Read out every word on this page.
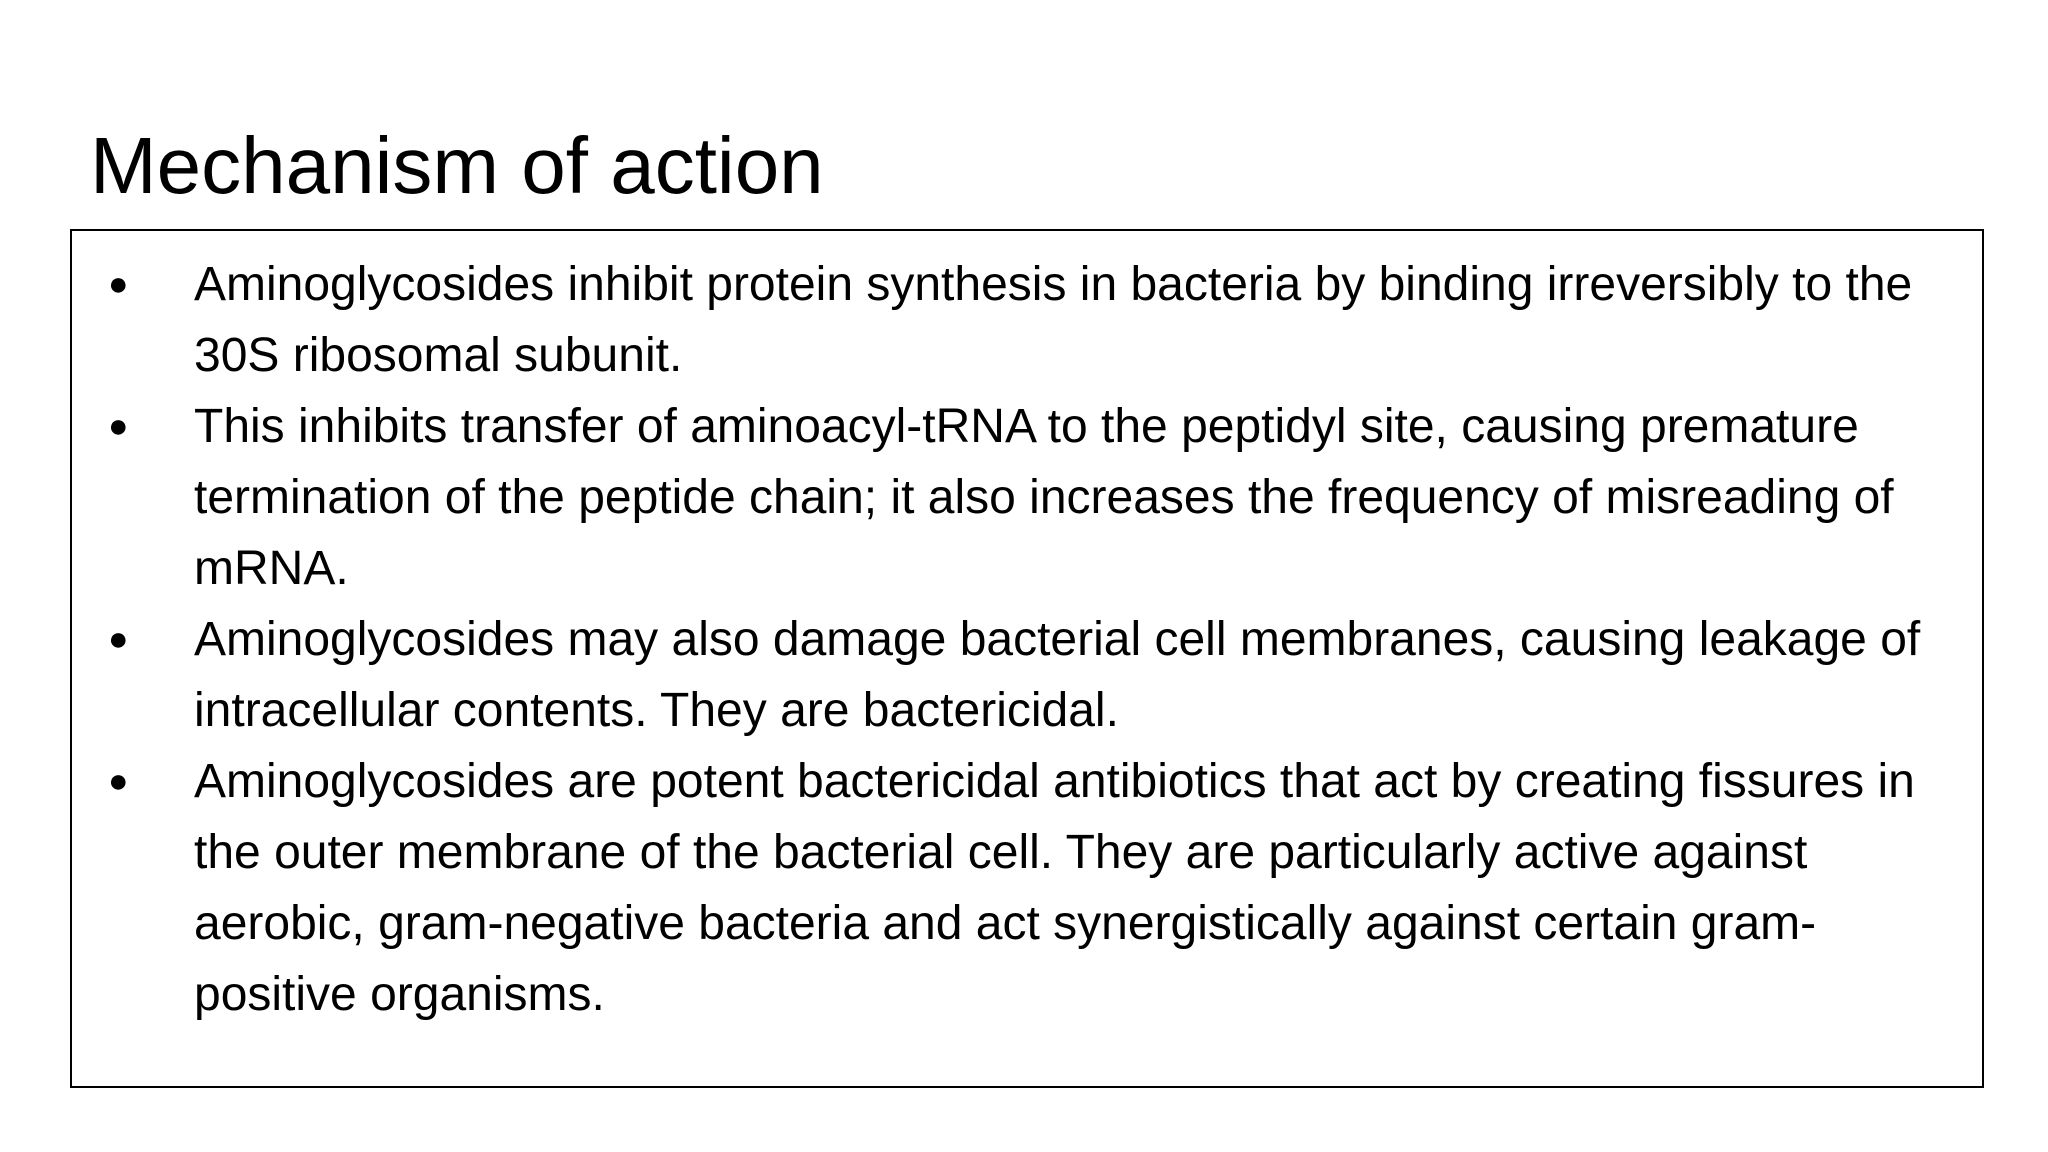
Mechanism of action
● Aminoglycosides inhibit protein synthesis in bacteria by binding irreversibly to the 30S ribosomal subunit.
● This inhibits transfer of aminoacyl-tRNA to the peptidyl site, causing premature termination of the peptide chain; it also increases the frequency of misreading of mRNA.
● Aminoglycosides may also damage bacterial cell membranes, causing leakage of intracellular contents. They are bactericidal.
● Aminoglycosides are potent bactericidal antibiotics that act by creating fissures in the outer membrane of the bacterial cell. They are particularly active against aerobic, gram-negative bacteria and act synergistically against certain gram-positive organisms.
